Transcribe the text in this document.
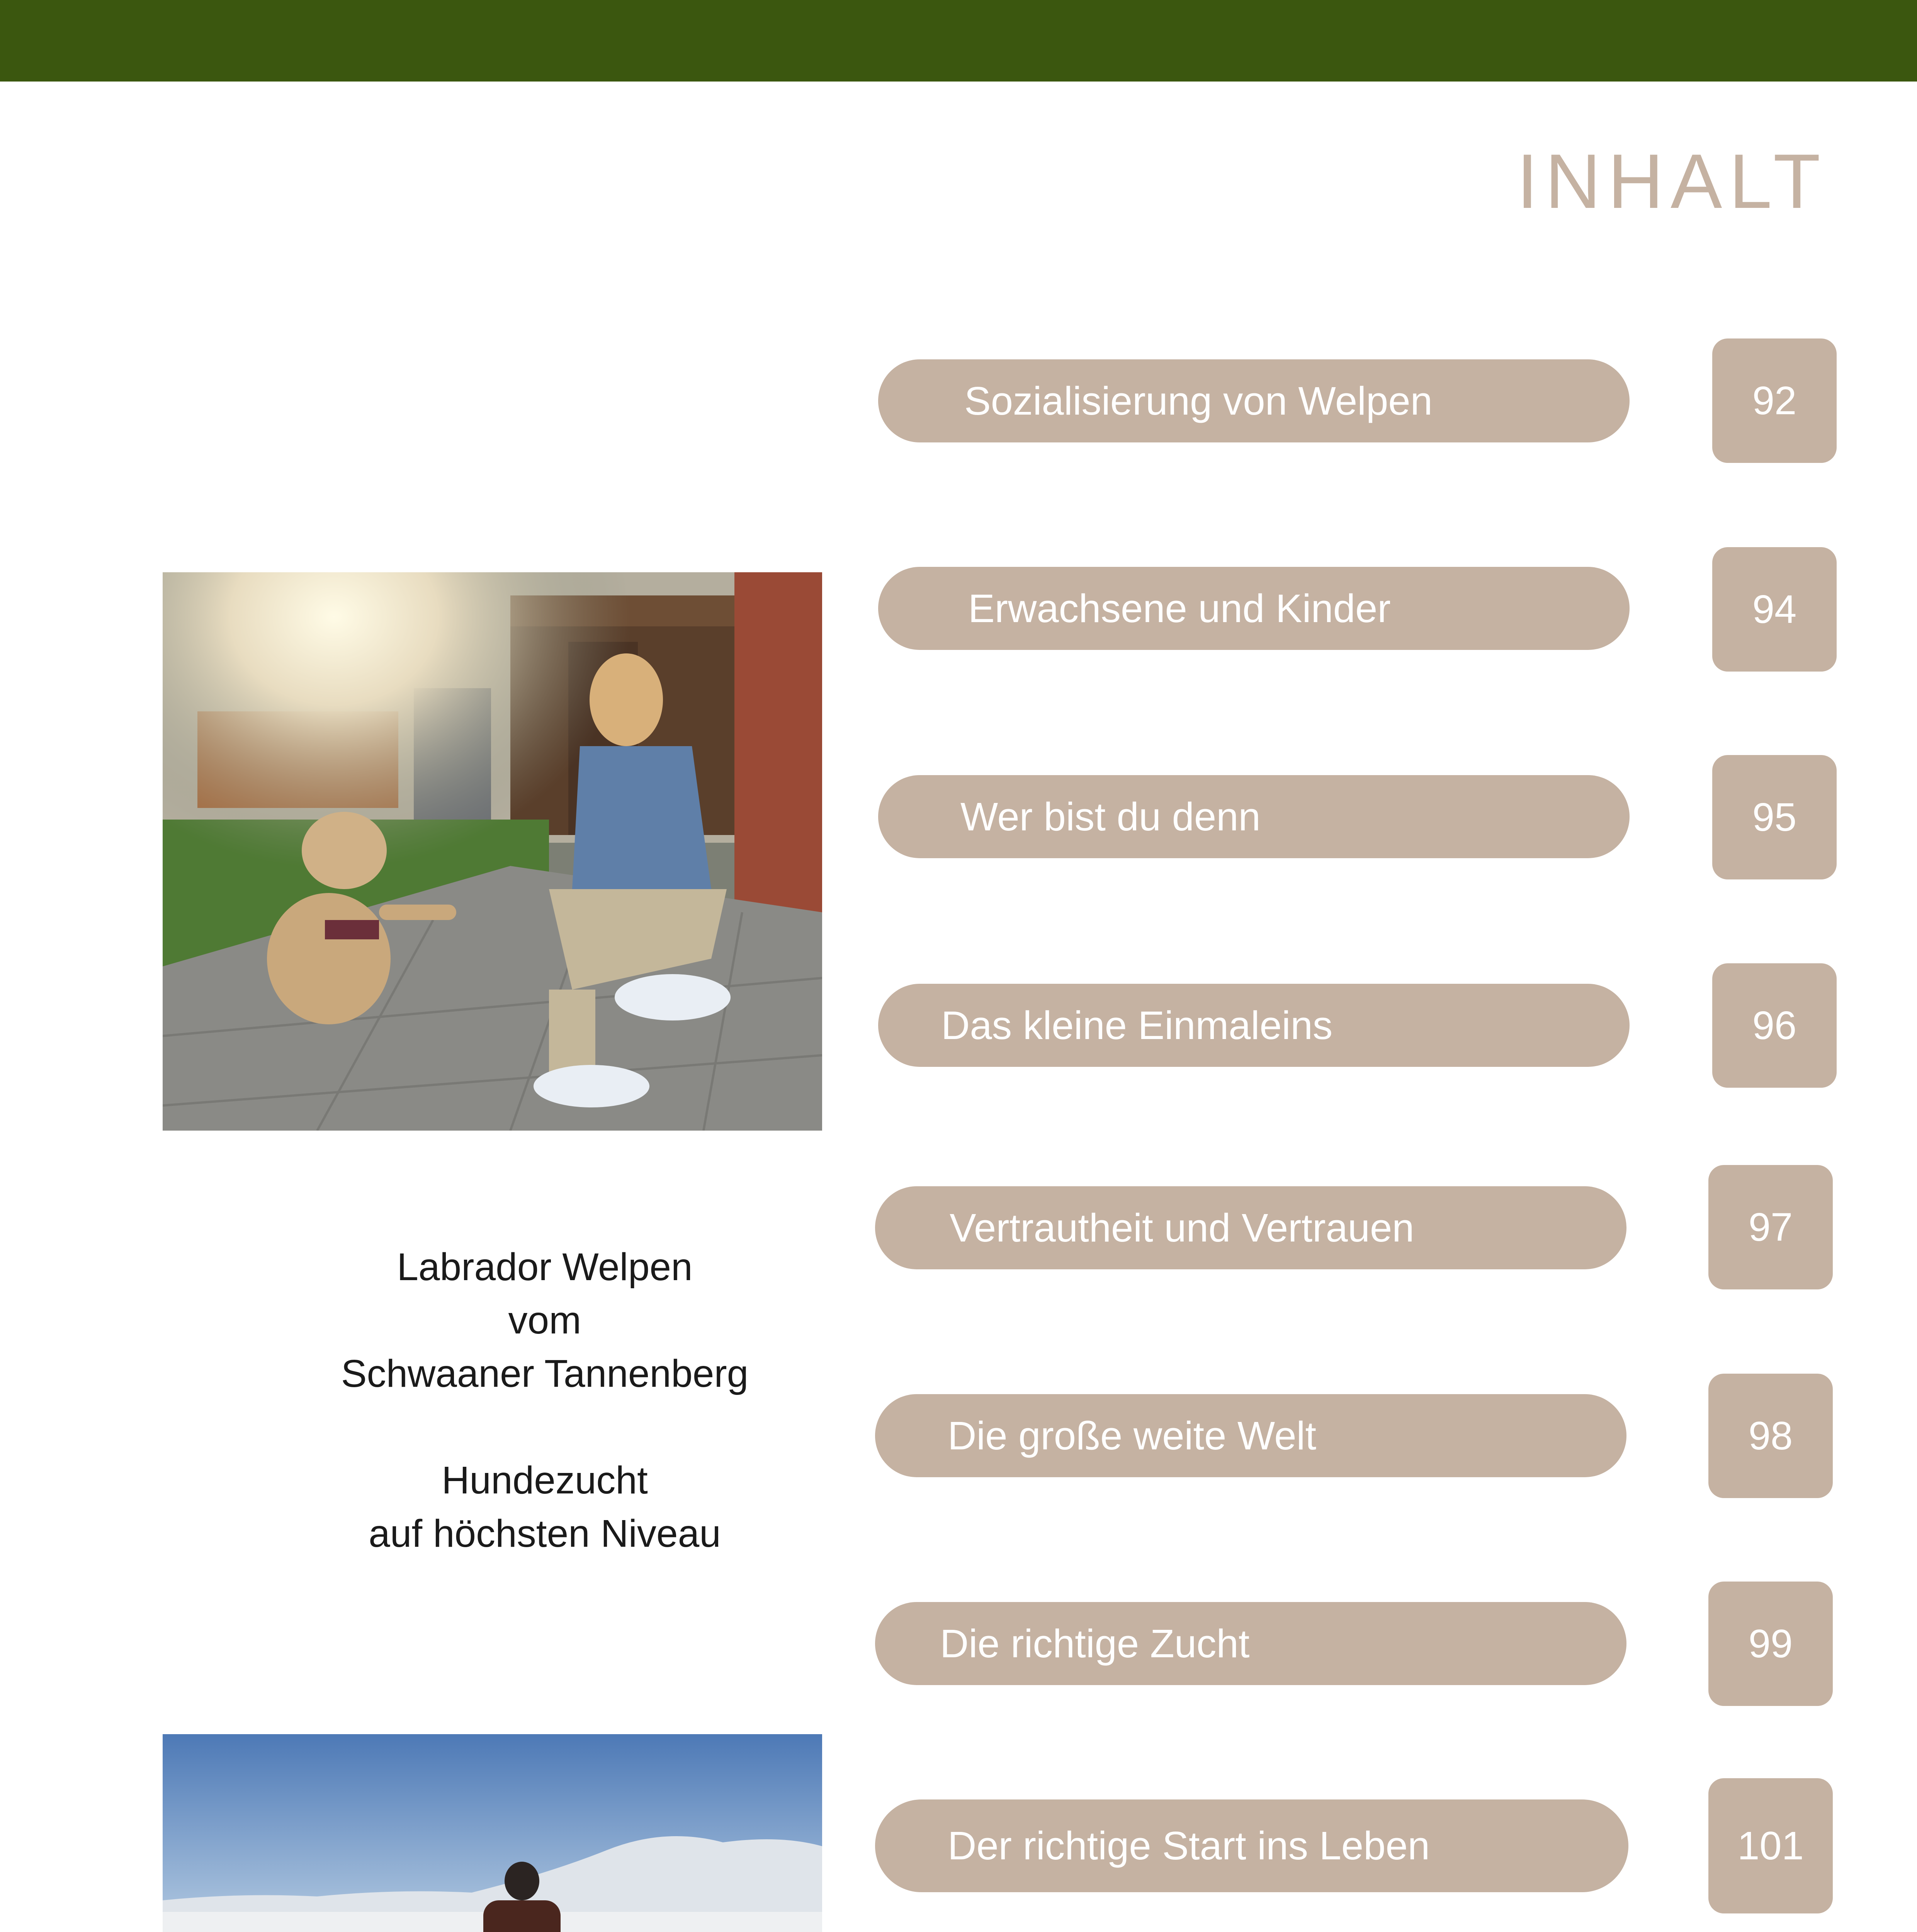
INHALT
Labrador Welpen
vom
Schwaaner Tannenberg
Hundezucht
auf höchsten Niveau
Sozialisierung von Welpen	92
Erwachsene und Kinder	94
Wer bist du denn	95
Das kleine Einmaleins	96
Vertrautheit und Vertrauen	97
Die große weite Welt	98
Die richtige Zucht	99
Der richtige Start ins Leben	101
